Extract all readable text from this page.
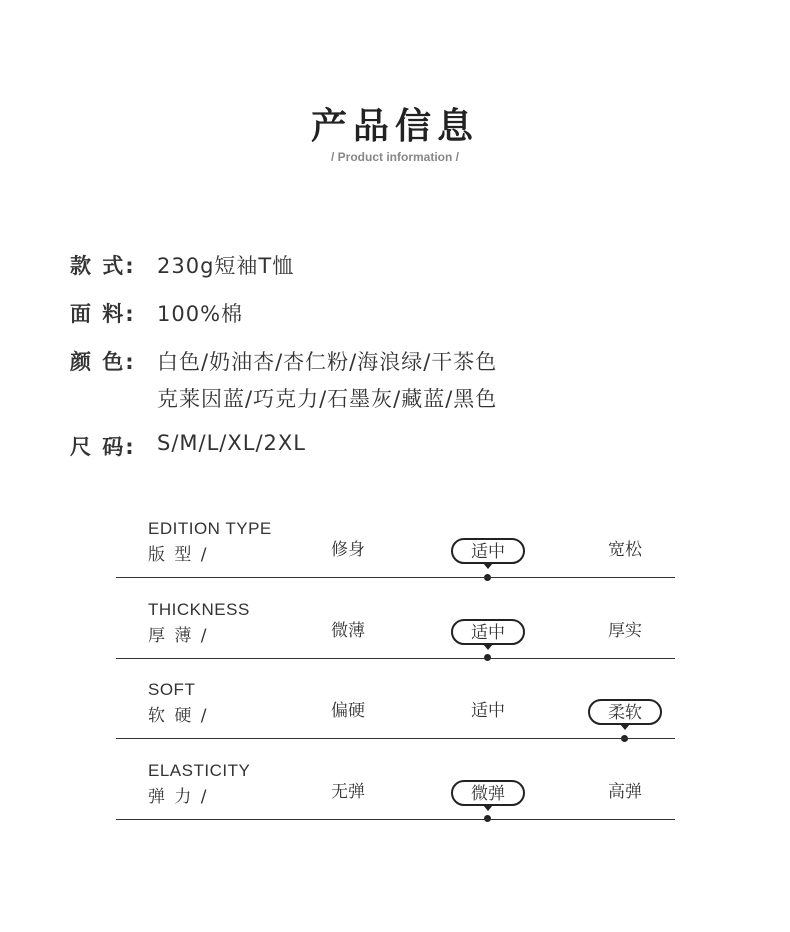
产品信息
/ Product information /
款 式: 230g短袖T恤
面 料: 100%棉
颜 色: 白色/奶油杏/杏仁粉/海浪绿/干茶色
克莱因蓝/巧克力/石墨灰/藏蓝/黑色
尺 码: S/M/L/XL/2XL
EDITION TYPE
版 型 /	修身	适中	宽松
THICKNESS
厚 薄 /	微薄	适中	厚实
SOFT
软 硬 /	偏硬	适中	柔软
ELASTICITY
弹 力 /	无弹	微弹	高弹
